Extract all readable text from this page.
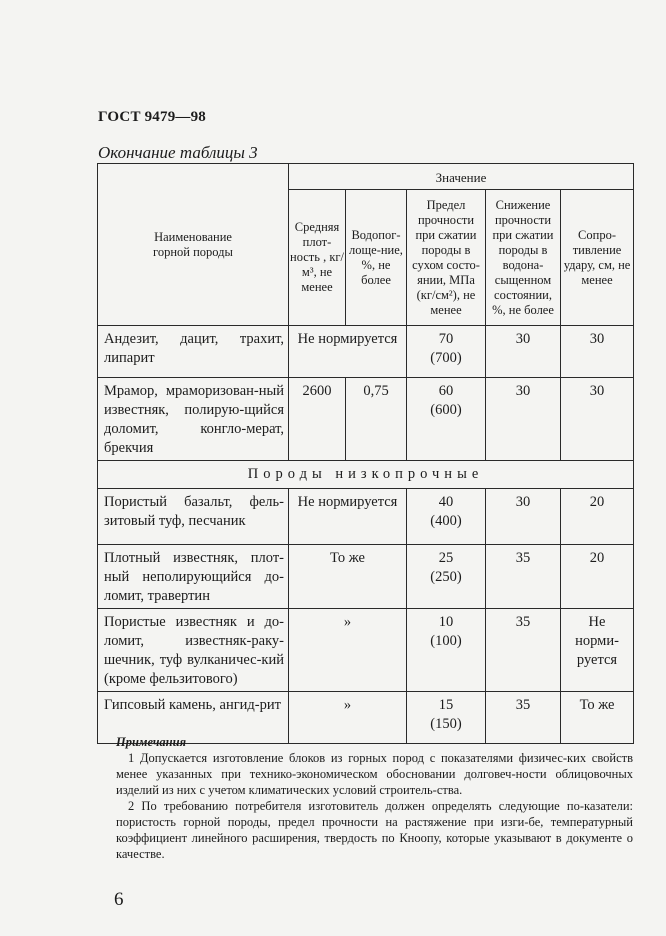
ГОСТ 9479—98
Окончание таблицы 3
Наименование горной породы	Значение				
	Средняя плот-ность , кг/м³, не менее	Водопог-лоще-ние, %, не более	Предел прочности при сжатии породы в сухом состо-янии, МПа (кг/см²), не менее	Снижение прочности при сжатии породы в водона-сыщенном состоянии, %, не более	Сопро-тивление удару, см, не менее
Андезит, дацит, трахит, липарит	Не нормируется		70 (700)	30	30
Мрамор, мраморизован-ный известняк, полирую-щийся доломит, конгло-мерат, брекчия	2600	0,75	60 (600)	30	30
Породы низкопрочные					
Пористый базальт, фель-зитовый туф, песчаник	Не нормируется		40 (400)	30	20
Плотный известняк, плот-ный неполирующийся до-ломит, травертин	То же		25 (250)	35	20
Пористые известняк и до-ломит, известняк-раку-шечник, туф вулканичес-кий (кроме фельзитового)	»		10 (100)	35	Не норми-руется

Гипсовый камень, ангид-рит	»		15 (150)	35	То же

Примечания

1 Допускается изготовление блоков из горных пород с показателями физичес-ких свойств менее указанных при технико-экономическом обосновании долговеч-ности облицовочных изделий из них с учетом климатических условий строитель-ства.

2 По требованию потребителя изготовитель должен определять следующие по-казатели: пористость горной породы, предел прочности на растяжение при изги-бе, температурный коэффициент линейного расширения, твердость по Кноопу, которые указывают в документе о качестве.

6
